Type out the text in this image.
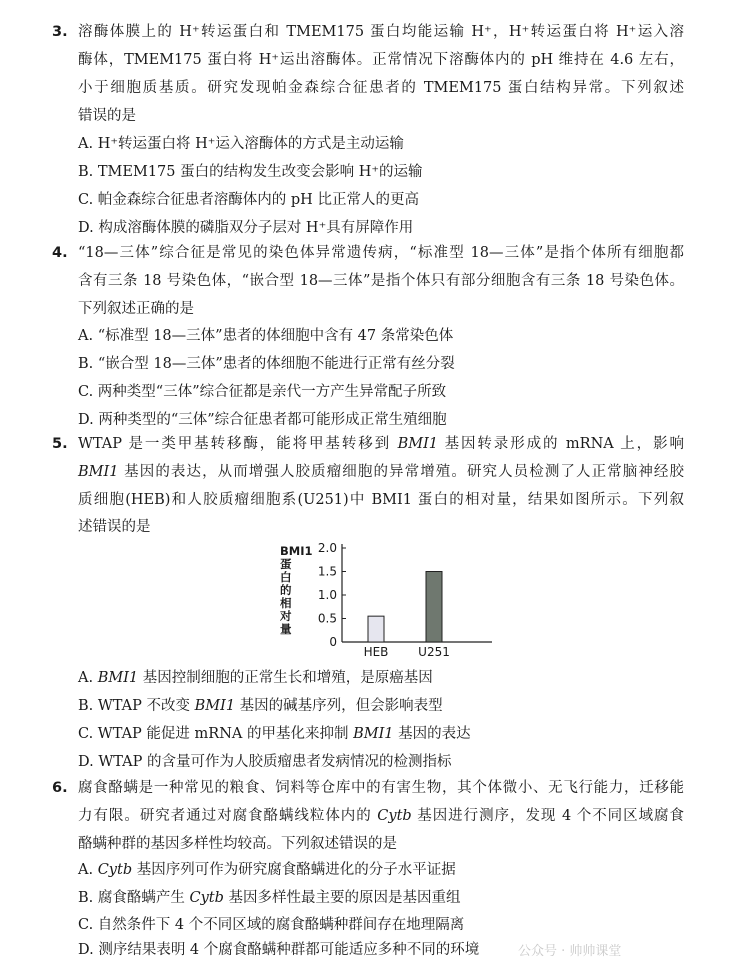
3. 溶酶体膜上的 H⁺转运蛋白和 TMEM175 蛋白均能运输 H⁺，H⁺转运蛋白将 H⁺运入溶
酶体，TMEM175 蛋白将 H⁺运出溶酶体。正常情况下溶酶体内的 pH 维持在 4.6 左右，
小于细胞质基质。研究发现帕金森综合征患者的 TMEM175 蛋白结构异常。下列叙述
错误的是
A. H⁺转运蛋白将 H⁺运入溶酶体的方式是主动运输
B. TMEM175 蛋白的结构发生改变会影响 H⁺的运输
C. 帕金森综合征患者溶酶体内的 pH 比正常人的更高
D. 构成溶酶体膜的磷脂双分子层对 H⁺具有屏障作用
4. “18—三体”综合征是常见的染色体异常遗传病，“标准型 18—三体”是指个体所有细胞都
含有三条 18 号染色体，“嵌合型 18—三体”是指个体只有部分细胞含有三条 18 号染色体。
下列叙述正确的是
A. “标准型 18—三体”患者的体细胞中含有 47 条常染色体
B. “嵌合型 18—三体”患者的体细胞不能进行正常有丝分裂
C. 两种类型“三体”综合征都是亲代一方产生异常配子所致
D. 两种类型的“三体”综合征患者都可能形成正常生殖细胞
5. WTAP 是一类甲基转移酶，能将甲基转移到 BMI1 基因转录形成的 mRNA 上，影响
BMI1 基因的表达，从而增强人胶质瘤细胞的异常增殖。研究人员检测了人正常脑神经胶
质细胞(HEB)和人胶质瘤细胞系(U251)中 BMI1 蛋白的相对量，结果如图所示。下列叙
述错误的是
BMI1蛋白的相对量
0
0.5
1.0
1.5
2.0
HEB U251
A. BMI1 基因控制细胞的正常生长和增殖，是原癌基因
B. WTAP 不改变 BMI1 基因的碱基序列，但会影响表型
C. WTAP 能促进 mRNA 的甲基化来抑制 BMI1 基因的表达
D. WTAP 的含量可作为人胶质瘤患者发病情况的检测指标
6. 腐食酪螨是一种常见的粮食、饲料等仓库中的有害生物，其个体微小、无飞行能力，迁移能
力有限。研究者通过对腐食酪螨线粒体内的 Cytb 基因进行测序，发现 4 个不同区域腐食
酪螨种群的基因多样性均较高。下列叙述错误的是
A. Cytb 基因序列可作为研究腐食酪螨进化的分子水平证据
B. 腐食酪螨产生 Cytb 基因多样性最主要的原因是基因重组
C. 自然条件下 4 个不同区域的腐食酪螨种群间存在地理隔离
D. 测序结果表明 4 个腐食酪螨种群都可能适应多种不同的环境	公众号 · 帅帅课堂
